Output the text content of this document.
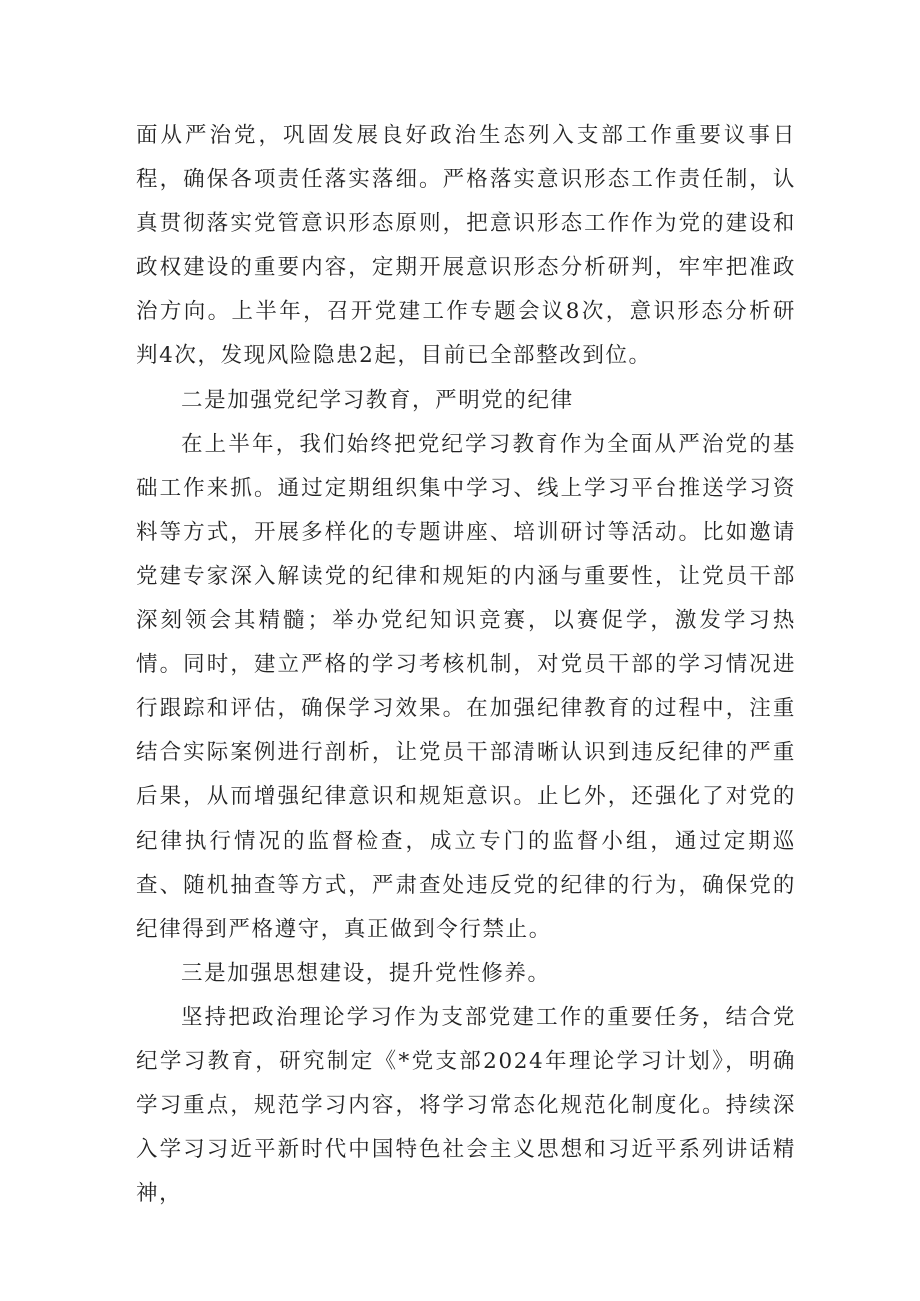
面从严治党，巩固发展良好政治生态列入支部工作重要议事日程，确保各项责任落实落细。严格落实意识形态工作责任制，认真贯彻落实党管意识形态原则，把意识形态工作作为党的建设和政权建设的重要内容，定期开展意识形态分析研判，牢牢把准政治方向。上半年，召开党建工作专题会议8次，意识形态分析研判4次，发现风险隐患2起，目前已全部整改到位。

二是加强党纪学习教育，严明党的纪律

在上半年，我们始终把党纪学习教育作为全面从严治党的基础工作来抓。通过定期组织集中学习、线上学习平台推送学习资料等方式，开展多样化的专题讲座、培训研讨等活动。比如邀请党建专家深入解读党的纪律和规矩的内涵与重要性，让党员干部深刻领会其精髓；举办党纪知识竞赛，以赛促学，激发学习热情。同时，建立严格的学习考核机制，对党员干部的学习情况进行跟踪和评估，确保学习效果。在加强纪律教育的过程中，注重结合实际案例进行剖析，让党员干部清晰认识到违反纪律的严重后果，从而增强纪律意识和规矩意识。止匕外，还强化了对党的纪律执行情况的监督检查，成立专门的监督小组，通过定期巡查、随机抽查等方式，严肃查处违反党的纪律的行为，确保党的纪律得到严格遵守，真正做到令行禁止。

三是加强思想建设，提升党性修养。

坚持把政治理论学习作为支部党建工作的重要任务，结合党纪学习教育，研究制定《*党支部2024年理论学习计划》，明确学习重点，规范学习内容，将学习常态化规范化制度化。持续深入学习习近平新时代中国特色社会主义思想和习近平系列讲话精神，
